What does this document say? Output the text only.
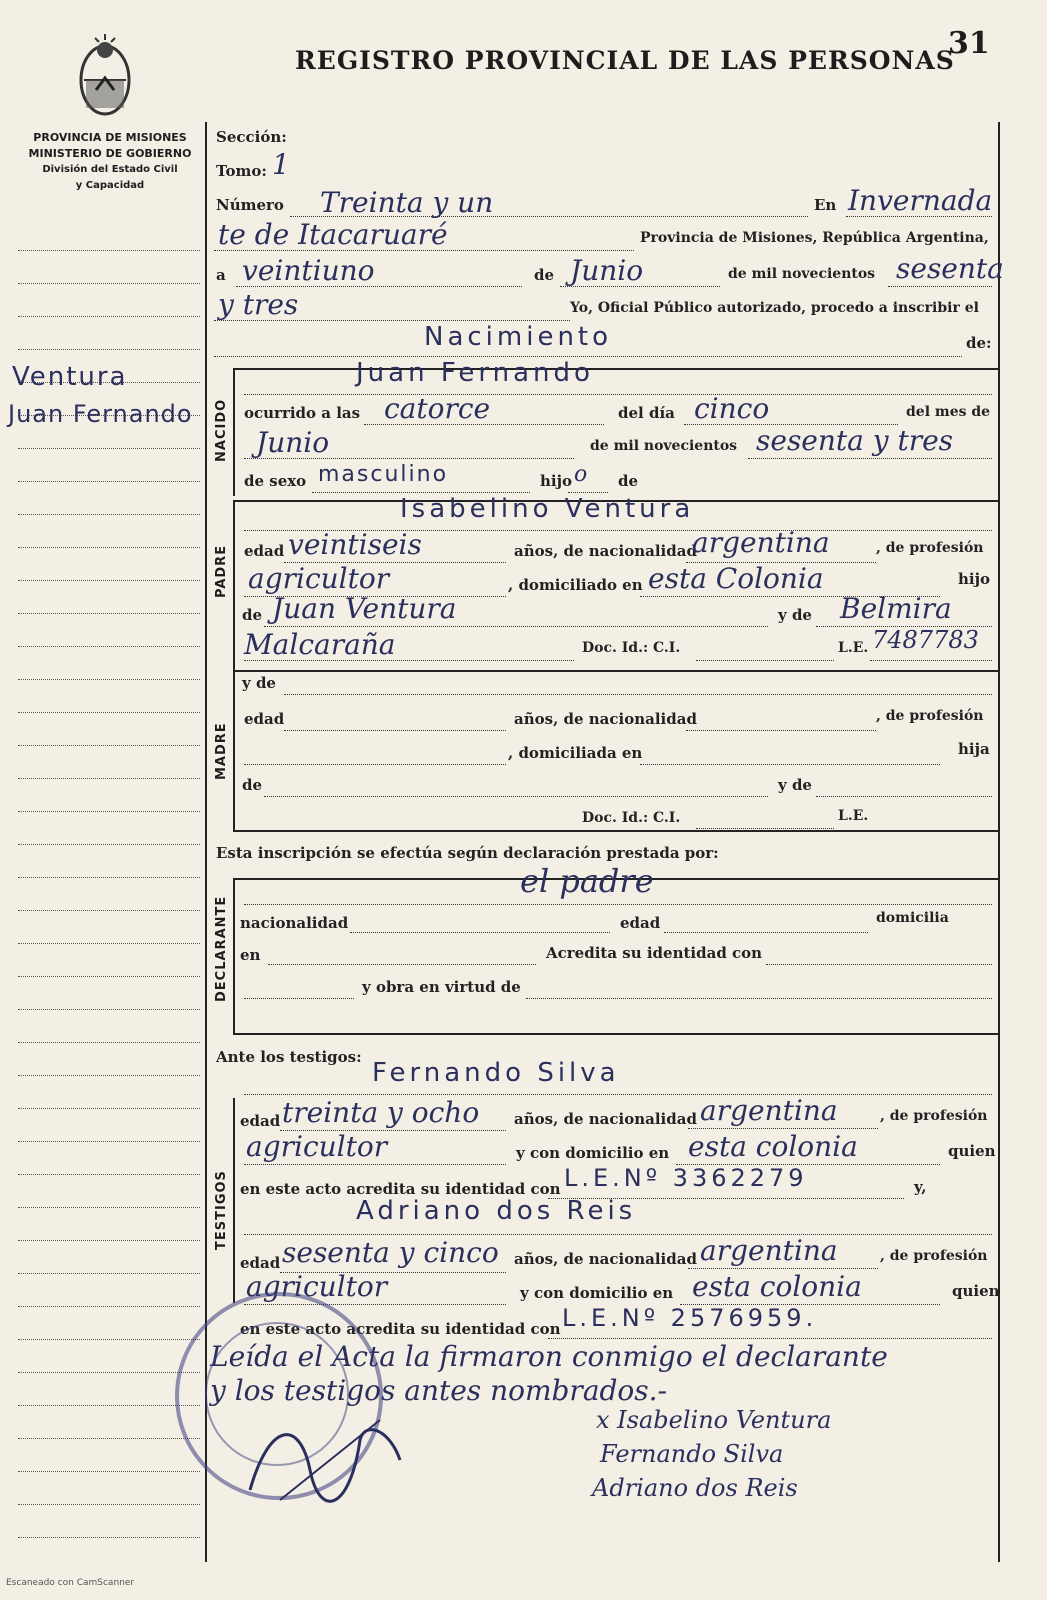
REGISTRO PROVINCIAL DE LAS PERSONAS
31
PROVINCIA DE MISIONES
MINISTERIO DE GOBIERNO
División del Estado Civil
y Capacidad
Ventura
Juan Fernando NACIDO
PADRE
MADRE
DECLARANTE
TESTIGOS
Sección:
Tomo: 1
Número Treinta y un	En Invernada
te de Itacaruaré	Provincia de Misiones, República Argentina,
a veintiuno	de Junio	de mil novecientos sesenta
y tres	Yo, Oficial Público autorizado, procedo a inscribir el
Nacimiento	de:
Juan Fernando
ocurrido a las catorce	del día cinco	del mes de
Junio	de mil novecientos sesenta y tres
de sexo masculino	hijo o de
Isabelino Ventura
edad veintiseis	años, de nacionalidad
argentina	, de profesión
agricultor	, domiciliado en esta Colonia	hijo
de Juan Ventura	y de Belmira
Malcaraña	Doc. Id.: C.I.	L.E. 7487783
y de
edad	años, de nacionalidad	, de profesión
, domiciliada en	hija
de	y de
Doc. Id.: C.I.	L.E.
Esta inscripción se efectúa según declaración prestada por:
el padre
nacionalidad	edad	domicilia
en	Acredita su identidad con
y obra en virtud de
Ante los testigos:
Fernando Silva
edad treinta y ocho años, de nacionalidad argentina	, de profesión
agricultor	y con domicilio en esta colonia	quien
en este acto acredita su identidad con L.E.Nº 3362279	y,
Adriano dos Reis
edad sesenta y cinco años, de nacionalidad argentina	, de profesión
agricultor	y con domicilio en esta colonia	quien
en este acto acredita su identidad con L.E.Nº 2576959.
Leída el Acta la firmaron conmigo el declarante
y los testigos antes nombrados.-
x Isabelino Ventura
Fernando Silva
Adriano dos Reis
Escaneado con CamScanner
